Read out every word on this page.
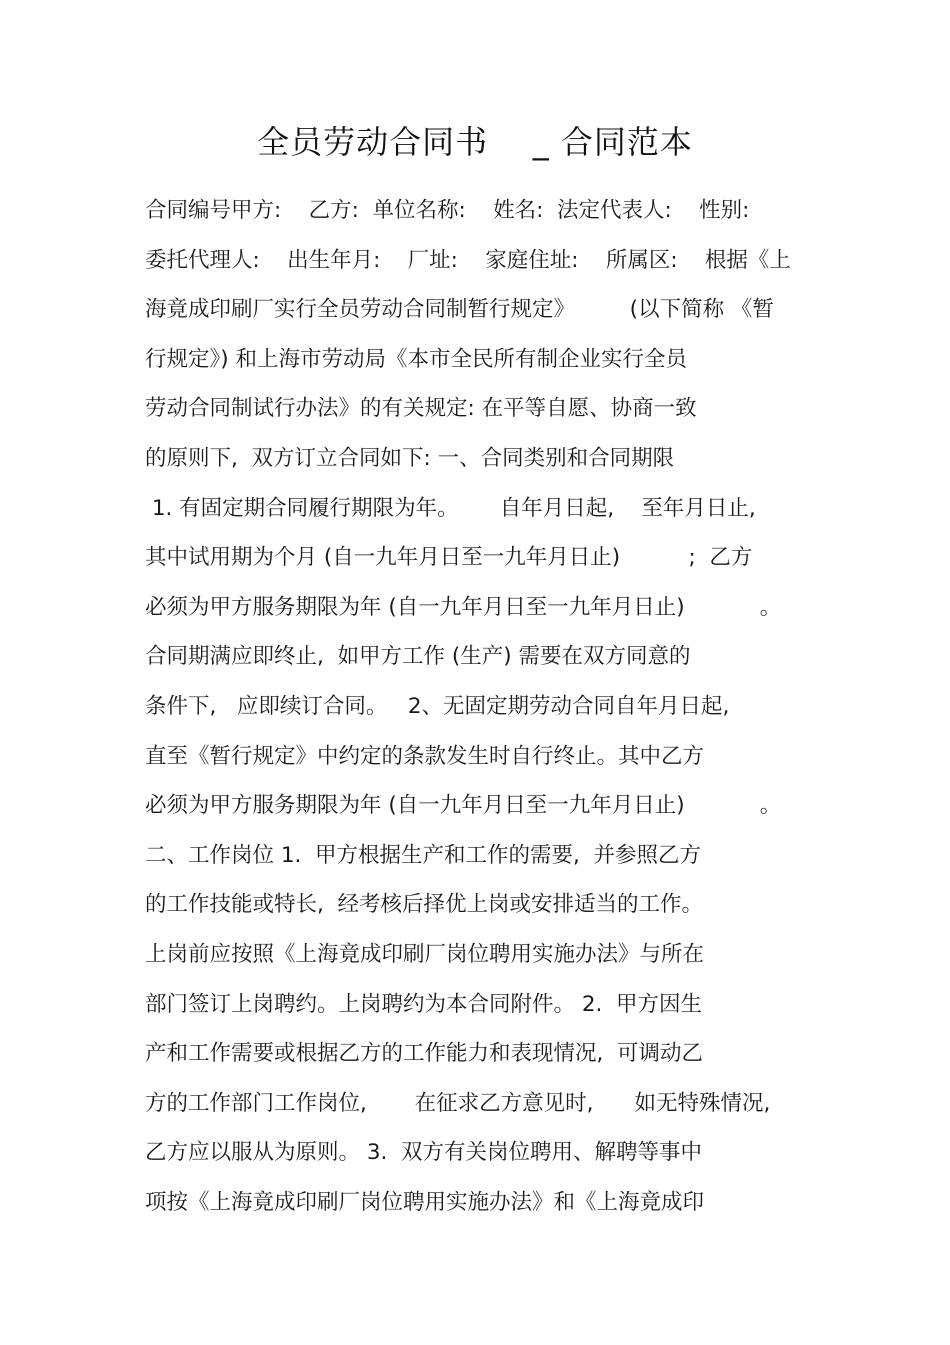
全员劳动合同书    _ 合同范本
合同编号甲方:    乙方:  单位名称:    姓名:  法定代表人:    性别:
委托代理人:    出生年月:    厂址:    家庭住址:    所属区:    根据《上
海竟成印刷厂实行全员劳动合同制暂行规定》        (以下简称 《暂
行规定》) 和上海市劳动局《本市全民所有制企业实行全员
劳动合同制试行办法》的有关规定: 在平等自愿、协商一致
的原则下,  双方订立合同如下: 一、合同类别和合同期限
1. 有固定期合同履行期限为年。      自年月日起,    至年月日止,
其中试用期为个月 (自一九年月日至一九年月日止)          ;  乙方
必须为甲方服务期限为年 (自一九年月日至一九年月日止)           。
合同期满应即终止,  如甲方工作 (生产) 需要在双方同意的
条件下,   应即续订合同。   2、无固定期劳动合同自年月日起,
直至《暂行规定》中约定的条款发生时自行终止。其中乙方
必须为甲方服务期限为年 (自一九年月日至一九年月日止)           。
二、工作岗位 1.  甲方根据生产和工作的需要,  并参照乙方
的工作技能或特长,  经考核后择优上岗或安排适当的工作。
上岗前应按照《上海竟成印刷厂岗位聘用实施办法》与所在
部门签订上岗聘约。上岗聘约为本合同附件。 2.  甲方因生
产和工作需要或根据乙方的工作能力和表现情况,  可调动乙
方的工作部门工作岗位,       在征求乙方意见时,      如无特殊情况,
乙方应以服从为原则。 3.  双方有关岗位聘用、解聘等事中
项按《上海竟成印刷厂岗位聘用实施办法》和《上海竟成印
